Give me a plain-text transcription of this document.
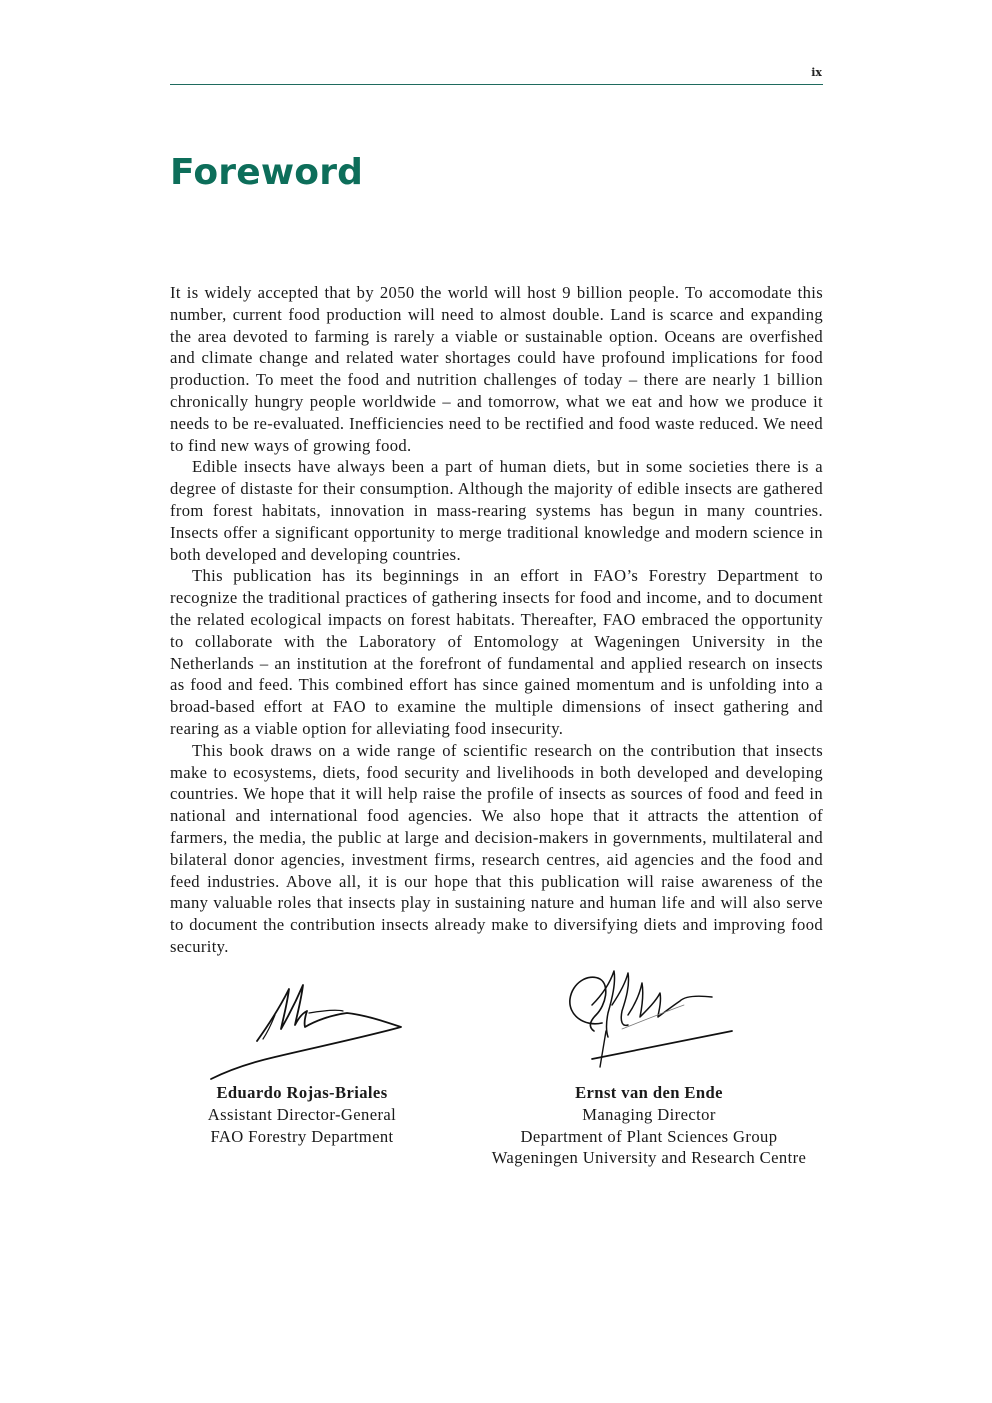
ix
Foreword

It is widely accepted that by 2050 the world will host 9 billion people. To accomodate this number, current food production will need to almost double. Land is scarce and expanding the area devoted to farming is rarely a viable or sustainable option. Oceans are overfished and climate change and related water shortages could have profound implications for food production. To meet the food and nutrition challenges of today – there are nearly 1 billion chronically hungry people worldwide – and tomorrow, what we eat and how we produce it needs to be re-evaluated. Inefficiencies need to be rectified and food waste reduced. We need to find new ways of growing food.

Edible insects have always been a part of human diets, but in some societies there is a degree of distaste for their consumption. Although the majority of edible insects are gathered from forest habitats, innovation in mass-rearing systems has begun in many countries. Insects offer a significant opportunity to merge traditional knowledge and modern science in both developed and developing countries.

This publication has its beginnings in an effort in FAO’s Forestry Department to recognize the traditional practices of gathering insects for food and income, and to document the related ecological impacts on forest habitats. Thereafter, FAO embraced the opportunity to collaborate with the Laboratory of Entomology at Wageningen University in the Netherlands – an institution at the forefront of fundamental and applied research on insects as food and feed. This combined effort has since gained momentum and is unfolding into a broad-based effort at FAO to examine the multiple dimensions of insect gathering and rearing as a viable option for alleviating food insecurity.

This book draws on a wide range of scientific research on the contribution that insects make to ecosystems, diets, food security and livelihoods in both developed and developing countries. We hope that it will help raise the profile of insects as sources of food and feed in national and international food agencies. We also hope that it attracts the attention of farmers, the media, the public at large and decision-makers in governments, multilateral and bilateral donor agencies, investment firms, research centres, aid agencies and the food and feed industries. Above all, it is our hope that this publication will raise awareness of the many valuable roles that insects play in sustaining nature and human life and will also serve to document the contribution insects already make to diversifying diets and improving food security.

Eduardo Rojas-Briales
Assistant Director-General
FAO Forestry Department
Ernst van den Ende
Managing Director
Department of Plant Sciences Group
Wageningen University and Research Centre
